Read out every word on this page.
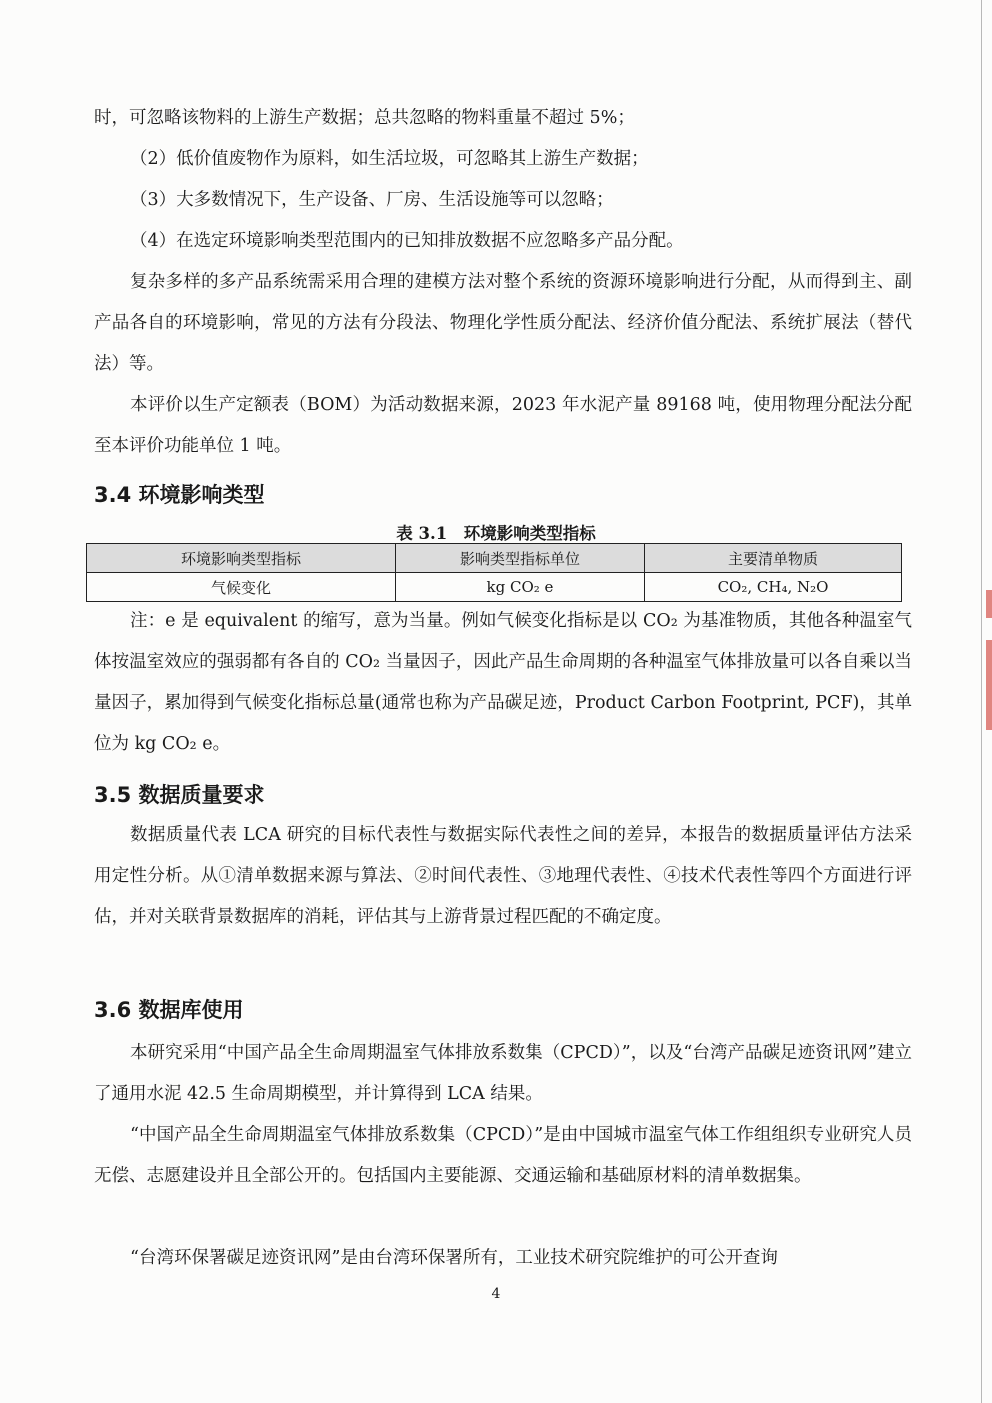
时，可忽略该物料的上游生产数据；总共忽略的物料重量不超过 5%；

（2）低价值废物作为原料，如生活垃圾，可忽略其上游生产数据；

（3）大多数情况下，生产设备、厂房、生活设施等可以忽略；

（4）在选定环境影响类型范围内的已知排放数据不应忽略多产品分配。

复杂多样的多产品系统需采用合理的建模方法对整个系统的资源环境影响进行分配，从而得到主、副产品各自的环境影响，常见的方法有分段法、物理化学性质分配法、经济价值分配法、系统扩展法（替代法）等。

本评价以生产定额表（BOM）为活动数据来源，2023 年水泥产量 89168 吨，使用物理分配法分配至本评价功能单位 1 吨。

3.4 环境影响类型

表 3.1　环境影响类型指标

环境影响类型指标	影响类型指标单位	主要清单物质
气候变化	kg CO₂ e	CO₂, CH₄, N₂O

注：e 是 equivalent 的缩写，意为当量。例如气候变化指标是以 CO₂ 为基准物质，其他各种温室气体按温室效应的强弱都有各自的 CO₂ 当量因子，因此产品生命周期的各种温室气体排放量可以各自乘以当量因子，累加得到气候变化指标总量(通常也称为产品碳足迹，Product Carbon Footprint, PCF)，其单位为 kg CO₂ e。

3.5 数据质量要求

数据质量代表 LCA 研究的目标代表性与数据实际代表性之间的差异，本报告的数据质量评估方法采用定性分析。从①清单数据来源与算法、②时间代表性、③地理代表性、④技术代表性等四个方面进行评估，并对关联背景数据库的消耗，评估其与上游背景过程匹配的不确定度。

3.6 数据库使用

本研究采用“中国产品全生命周期温室气体排放系数集（CPCD）”，以及“台湾产品碳足迹资讯网”建立了通用水泥 42.5 生命周期模型，并计算得到 LCA 结果。

“中国产品全生命周期温室气体排放系数集（CPCD）”是由中国城市温室气体工作组组织专业研究人员无偿、志愿建设并且全部公开的。包括国内主要能源、交通运输和基础原材料的清单数据集。

“台湾环保署碳足迹资讯网”是由台湾环保署所有，工业技术研究院维护的可公开查询

4
